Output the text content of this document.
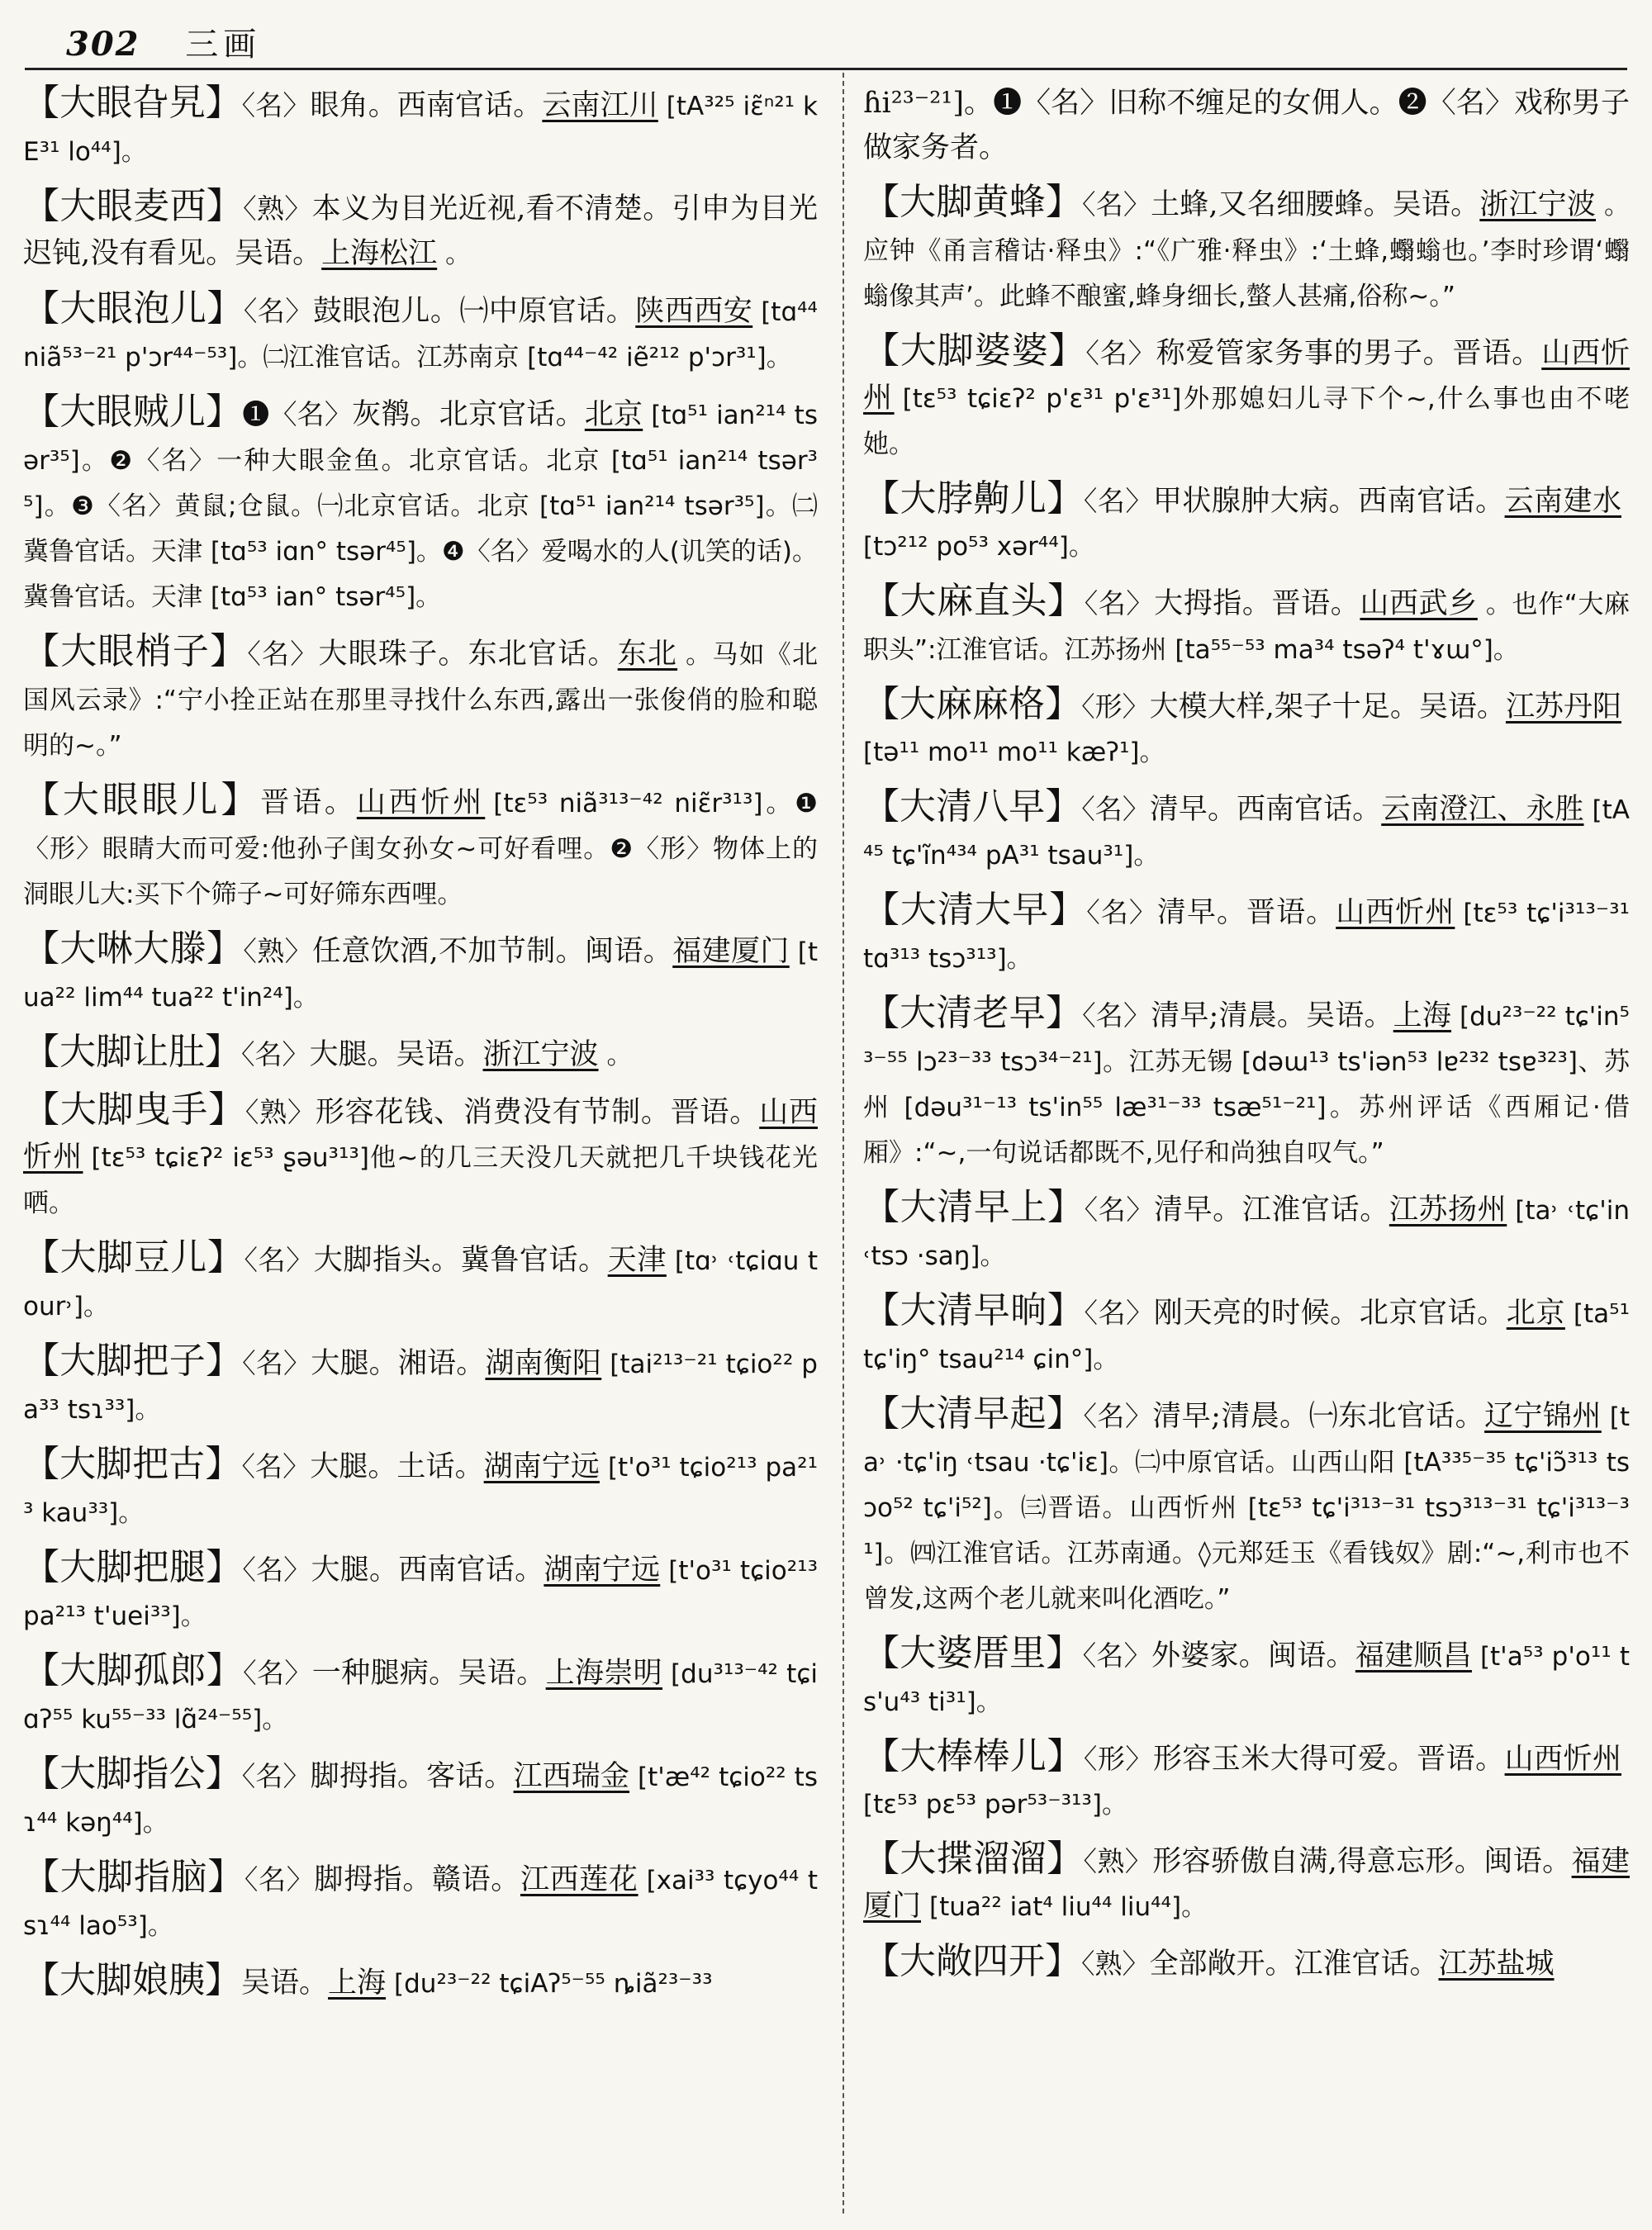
302 三画

【大眼旮旯】〈名〉眼角。西南官话。云南江川 [tA³²⁵ iɛ̃ⁿ²¹ kE³¹ lo⁴⁴]。

【大眼麦西】〈熟〉本义为目光近视,看不清楚。引申为目光迟钝,没有看见。吴语。上海松江 。

【大眼泡儿】〈名〉鼓眼泡儿。㈠中原官话。陕西西安 [tɑ⁴⁴ niã⁵³⁻²¹ p'ɔr⁴⁴⁻⁵³]。㈡江淮官话。江苏南京 [tɑ⁴⁴⁻⁴² iẽ²¹² p'ɔr³¹]。

【大眼贼儿】❶〈名〉灰鹡。北京官话。北京 [tɑ⁵¹ ian²¹⁴ tsər³⁵]。❷〈名〉一种大眼金鱼。北京官话。北京 [tɑ⁵¹ ian²¹⁴ tsər³⁵]。❸〈名〉黄鼠;仓鼠。㈠北京官话。北京 [tɑ⁵¹ ian²¹⁴ tsər³⁵]。㈡冀鲁官话。天津 [tɑ⁵³ iɑn° tsər⁴⁵]。❹〈名〉爱喝水的人(讥笑的话)。冀鲁官话。天津 [tɑ⁵³ ian° tsər⁴⁵]。

【大眼梢子】〈名〉大眼珠子。东北官话。东北 。马如《北国风云录》:“宁小拴正站在那里寻找什么东西,露出一张俊俏的脸和聪明的~。”

【大眼眼儿】晋语。山西忻州 [tɛ⁵³ niã³¹³⁻⁴² niɛ̃r³¹³]。❶〈形〉眼睛大而可爱:他孙子闺女孙女~可好看哩。❷〈形〉物体上的洞眼儿大:买下个筛子~可好筛东西哩。

【大啉大滕】〈熟〉任意饮酒,不加节制。闽语。福建厦门 [tua²² lim⁴⁴ tua²² t'in²⁴]。

【大脚让肚】〈名〉大腿。吴语。浙江宁波 。

【大脚曳手】〈熟〉形容花钱、消费没有节制。晋语。山西忻州 [tɛ⁵³ tɕiɛʔ² iɛ⁵³ ʂəu³¹³]他~的几三天没几天就把几千块钱花光哂。

【大脚豆儿】〈名〉大脚指头。冀鲁官话。天津 [tɑ˒ ˓tɕiɑu tour˒]。

【大脚把子】〈名〉大腿。湘语。湖南衡阳 [tai²¹³⁻²¹ tɕio²² pa³³ tsɿ³³]。

【大脚把古】〈名〉大腿。土话。湖南宁远 [t'o³¹ tɕio²¹³ pa²¹³ kau³³]。

【大脚把腿】〈名〉大腿。西南官话。湖南宁远 [t'o³¹ tɕio²¹³ pa²¹³ t'uei³³]。

【大脚孤郎】〈名〉一种腿病。吴语。上海崇明 [du³¹³⁻⁴² tɕiɑʔ⁵⁵ ku⁵⁵⁻³³ lɑ̃²⁴⁻⁵⁵]。

【大脚指公】〈名〉脚拇指。客话。江西瑞金 [t'æ⁴² tɕio²² tsɿ⁴⁴ kəŋ⁴⁴]。

【大脚指脑】〈名〉脚拇指。赣语。江西莲花 [xai³³ tɕyo⁴⁴ tsɿ⁴⁴ lao⁵³]。

【大脚娘胰】吴语。上海 [du²³⁻²² tɕiAʔ⁵⁻⁵⁵ ȵiã²³⁻³³

ɦi²³⁻²¹]。❶〈名〉旧称不缠足的女佣人。❷〈名〉戏称男子做家务者。

【大脚黄蜂】〈名〉土蜂,又名细腰蜂。吴语。浙江宁波 。应钟《甬言稽诂·释虫》:“《广雅·释虫》:‘土蜂,蠮螉也。’李时珍谓‘蠮螉像其声’。此蜂不酿蜜,蜂身细长,螫人甚痛,俗称~。”

【大脚婆婆】〈名〉称爱管家务事的男子。晋语。山西忻州 [tɛ⁵³ tɕiɛʔ² p'ɛ³¹ p'ɛ³¹]外那媳妇儿寻下个~,什么事也由不咾她。

【大脖齁儿】〈名〉甲状腺肿大病。西南官话。云南建水[tɔ²¹² po⁵³ xər⁴⁴]。

【大麻直头】〈名〉大拇指。晋语。山西武乡 。也作“大麻职头”:江淮官话。江苏扬州 [ta⁵⁵⁻⁵³ ma³⁴ tsəʔ⁴ t'ɤɯ°]。

【大麻麻格】〈形〉大模大样,架子十足。吴语。江苏丹阳[tə¹¹ mo¹¹ mo¹¹ kæʔ¹]。

【大清八早】〈名〉清早。西南官话。云南澄江、永胜 [tA⁴⁵ tɕ'ĩn⁴³⁴ pA³¹ tsau³¹]。

【大清大早】〈名〉清早。晋语。山西忻州 [tɛ⁵³ tɕ'i³¹³⁻³¹ tɑ³¹³ tsɔ³¹³]。

【大清老早】〈名〉清早;清晨。吴语。上海 [du²³⁻²² tɕ'in⁵³⁻⁵⁵ lɔ²³⁻³³ tsɔ³⁴⁻²¹]。江苏无锡 [dəɯ¹³ ts'iən⁵³ lɐ²³² tsɐ³²³]、苏州 [dəu³¹⁻¹³ ts'in⁵⁵ læ³¹⁻³³ tsæ⁵¹⁻²¹]。苏州评话《西厢记·借厢》:“~,一句说话都既不,见仔和尚独自叹气。”

【大清早上】〈名〉清早。江淮官话。江苏扬州 [ta˒ ˓tɕ'in ˓tsɔ ·saŋ]。

【大清早晌】〈名〉刚天亮的时候。北京官话。北京 [ta⁵¹ tɕ'iŋ° tsau²¹⁴ ɕin°]。

【大清早起】〈名〉清早;清晨。㈠东北官话。辽宁锦州 [ta˒ ·tɕ'iŋ ˓tsau ·tɕ'iɛ]。㈡中原官话。山西山阳 [tA³³⁵⁻³⁵ tɕ'iɔ̃³¹³ tsɔo⁵² tɕ'i⁵²]。㈢晋语。山西忻州 [tɛ⁵³ tɕ'i³¹³⁻³¹ tsɔ³¹³⁻³¹ tɕ'i³¹³⁻³¹]。㈣江淮官话。江苏南通。◊元郑廷玉《看钱奴》剧:“~,利市也不曾发,这两个老儿就来叫化酒吃。”

【大婆厝里】〈名〉外婆家。闽语。福建顺昌 [t'a⁵³ p'o¹¹ ts'u⁴³ ti³¹]。

【大棒棒儿】〈形〉形容玉米大得可爱。晋语。山西忻州[tɛ⁵³ pɛ⁵³ pər⁵³⁻³¹³]。

【大揲溜溜】〈熟〉形容骄傲自满,得意忘形。闽语。福建厦门 [tua²² iat⁴ liu⁴⁴ liu⁴⁴]。

【大敞四开】〈熟〉全部敞开。江淮官话。江苏盐城
